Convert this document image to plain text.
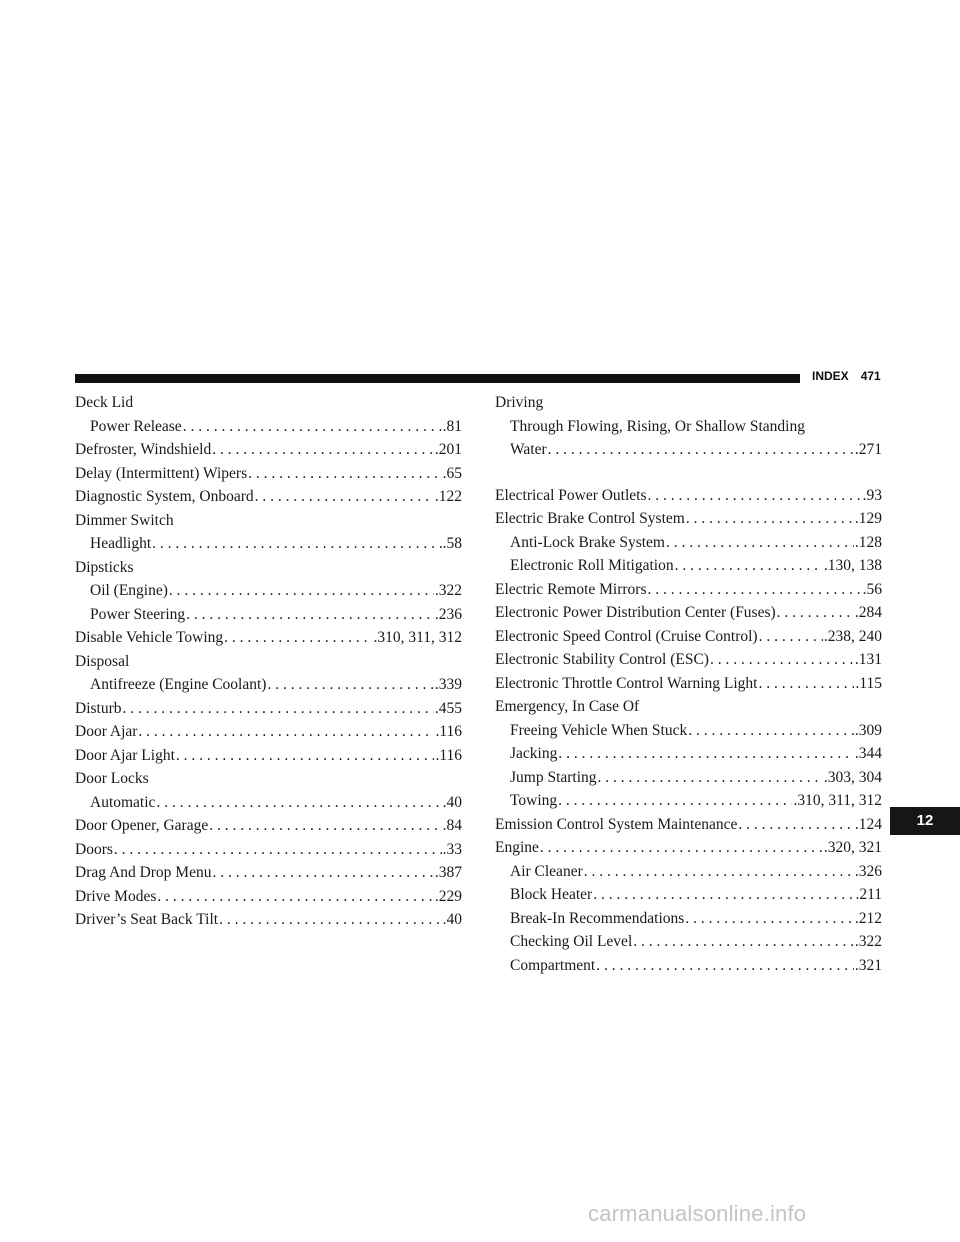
INDEX 471
Deck Lid
Power Release . . .	.81
Defroster, Windshield . . .	.201
Delay (Intermittent) Wipers . . .	.65
Diagnostic System, Onboard . . .	.122
Dimmer Switch
Headlight . . .	.58
Dipsticks
Oil (Engine) . . .	.322
Power Steering . . .	.236
Disable Vehicle Towing . . .	.310, 311, 312
Disposal
Antifreeze (Engine Coolant) . . .	.339
Disturb . . .	.455
Door Ajar . . .	.116
Door Ajar Light . . .	.116
Door Locks
Automatic . . .	.40
Door Opener, Garage . . .	.84
Doors . . .	.33
Drag And Drop Menu . . .	.387
Drive Modes . . .	.229
Driver’s Seat Back Tilt . . .	.40
Driving
Through Flowing, Rising, Or Shallow Standing
Water . . .	.271
Electrical Power Outlets . . .	.93
Electric Brake Control System . . .	.129
Anti-Lock Brake System . . .	.128
Electronic Roll Mitigation . . .	.130, 138
Electric Remote Mirrors . . .	.56
Electronic Power Distribution Center (Fuses) . . .	.284
Electronic Speed Control (Cruise Control) . . .	.238, 240
Electronic Stability Control (ESC) . . .	.131
Electronic Throttle Control Warning Light . . .	.115
Emergency, In Case Of
Freeing Vehicle When Stuck . . .	.309
Jacking . . .	.344
Jump Starting . . .	.303, 304
Towing . . .	.310, 311, 312
Emission Control System Maintenance . . .	.124
Engine . . .	.320, 321
Air Cleaner . . .	.326
Block Heater . . .	.211
Break-In Recommendations . . .	.212
Checking Oil Level . . .	.322
Compartment . . .	.321
12
carmanualsonline.info
